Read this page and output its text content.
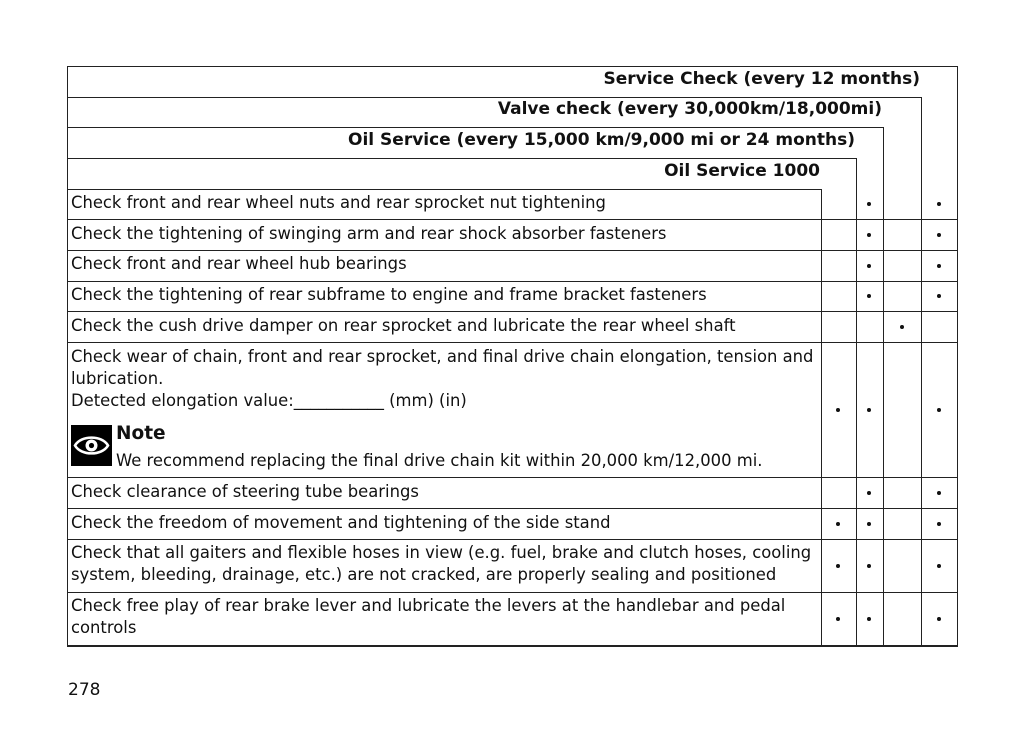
Service Check (every 12 months)
Valve check (every 30,000km/18,000mi)
Oil Service (every 15,000 km/9,000 mi or 24 months)
Oil Service 1000
Check front and rear wheel nuts and rear sprocket nut tightening
Check the tightening of swinging arm and rear shock absorber fasteners
Check front and rear wheel hub bearings
Check the tightening of rear subframe to engine and frame bracket fasteners
Check the cush drive damper on rear sprocket and lubricate the rear wheel shaft
Check wear of chain, front and rear sprocket, and final drive chain elongation, tension and lubrication.
Detected elongation value:___________ (mm) (in)
Note
We recommend replacing the final drive chain kit within 20,000 km/12,000 mi.
Check clearance of steering tube bearings
Check the freedom of movement and tightening of the side stand
Check that all gaiters and flexible hoses in view (e.g. fuel, brake and clutch hoses, cooling system, bleeding, drainage, etc.) are not cracked, are properly sealing and positioned
Check free play of rear brake lever and lubricate the levers at the handlebar and pedal controls
278
